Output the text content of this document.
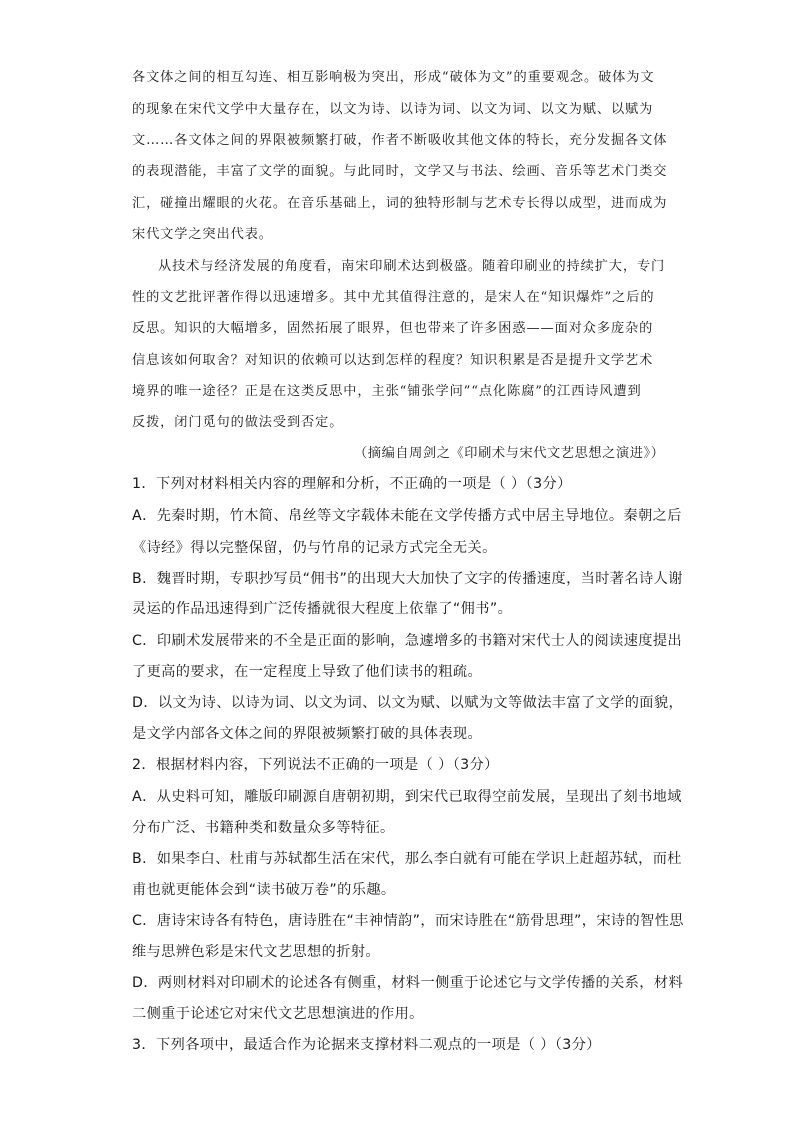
各文体之间的相互勾连、相互影响极为突出，形成“破体为文”的重要观念。破体为文
的现象在宋代文学中大量存在，以文为诗、以诗为词、以文为词、以文为赋、以赋为
文……各文体之间的界限被频繁打破，作者不断吸收其他文体的特长，充分发掘各文体
的表现潜能，丰富了文学的面貌。与此同时，文学又与书法、绘画、音乐等艺术门类交
汇，碰撞出耀眼的火花。在音乐基础上，词的独特形制与艺术专长得以成型，进而成为
宋代文学之突出代表。
从技术与经济发展的角度看，南宋印刷术达到极盛。随着印刷业的持续扩大，专门
性的文艺批评著作得以迅速增多。其中尤其值得注意的，是宋人在“知识爆炸”之后的
反思。知识的大幅增多，固然拓展了眼界，但也带来了许多困惑——面对众多庞杂的
信息该如何取舍？对知识的依赖可以达到怎样的程度？知识积累是否是提升文学艺术
境界的唯一途径？正是在这类反思中，主张“铺张学问”“点化陈腐”的江西诗风遭到
反拨，闭门觅句的做法受到否定。
（摘编自周剑之《印刷术与宋代文艺思想之演进》）
1．下列对材料相关内容的理解和分析，不正确的一项是（ ）（3分）
A．先秦时期，竹木简、帛丝等文字载体未能在文学传播方式中居主导地位。秦朝之后
《诗经》得以完整保留，仍与竹帛的记录方式完全无关。
B．魏晋时期，专职抄写员“佣书”的出现大大加快了文字的传播速度，当时著名诗人谢
灵运的作品迅速得到广泛传播就很大程度上依靠了“佣书”。
C．印刷术发展带来的不全是正面的影响，急遽增多的书籍对宋代士人的阅读速度提出
了更高的要求，在一定程度上导致了他们读书的粗疏。
D．以文为诗、以诗为词、以文为词、以文为赋、以赋为文等做法丰富了文学的面貌，
是文学内部各文体之间的界限被频繁打破的具体表现。
2．根据材料内容，下列说法不正确的一项是（ ）（3分）
A．从史料可知，雕版印刷源自唐朝初期，到宋代已取得空前发展，呈现出了刻书地域
分布广泛、书籍种类和数量众多等特征。
B．如果李白、杜甫与苏轼都生活在宋代，那么李白就有可能在学识上赶超苏轼，而杜
甫也就更能体会到“读书破万卷”的乐趣。
C．唐诗宋诗各有特色，唐诗胜在“丰神情韵”，而宋诗胜在“筋骨思理”，宋诗的智性思
维与思辨色彩是宋代文艺思想的折射。
D．两则材料对印刷术的论述各有侧重，材料一侧重于论述它与文学传播的关系，材料
二侧重于论述它对宋代文艺思想演进的作用。
3．下列各项中，最适合作为论据来支撑材料二观点的一项是（ ）（3分）
